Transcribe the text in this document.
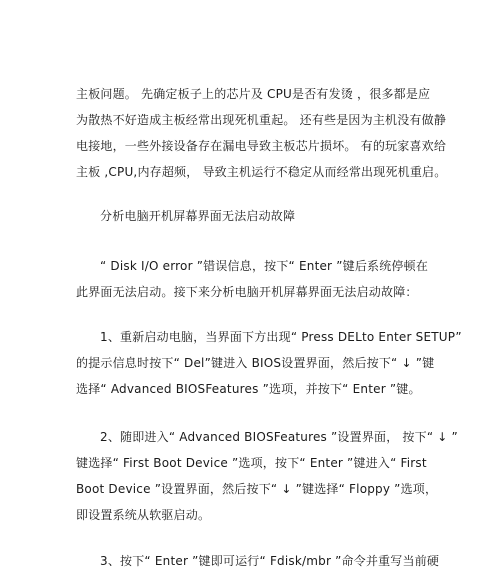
主板问题。 先确定板子上的芯片及 CPU是否有发烫 ，很多都是应
为散热不好造成主板经常出现死机重起。 还有些是因为主机没有做静
电接地，一些外接设备存在漏电导致主板芯片损坏。 有的玩家喜欢给
主板 ,CPU,内存超频， 导致主机运行不稳定从而经常出现死机重启。
分析电脑开机屏幕界面无法启动故障
“ Disk I/O error ”错误信息，按下“ Enter ”键后系统停顿在
此界面无法启动。接下来分析电脑开机屏幕界面无法启动故障：
1、重新启动电脑，当界面下方出现“ Press DELto Enter SETUP”
的提示信息时按下“ Del”键进入 BIOS设置界面，然后按下“ ↓ ”键
选择“ Advanced BIOSFeatures ”选项，并按下“ Enter ”键。
2、随即进入“ Advanced BIOSFeatures ”设置界面， 按下“ ↓ ”
键选择“ First Boot Device ”选项，按下“ Enter ”键进入“ First
Boot Device ”设置界面，然后按下“ ↓ ”键选择“ Floppy ”选项，
即设置系统从软驱启动。
3、按下“ Enter ”键即可运行“ Fdisk/mbr ”命令并重写当前硬
